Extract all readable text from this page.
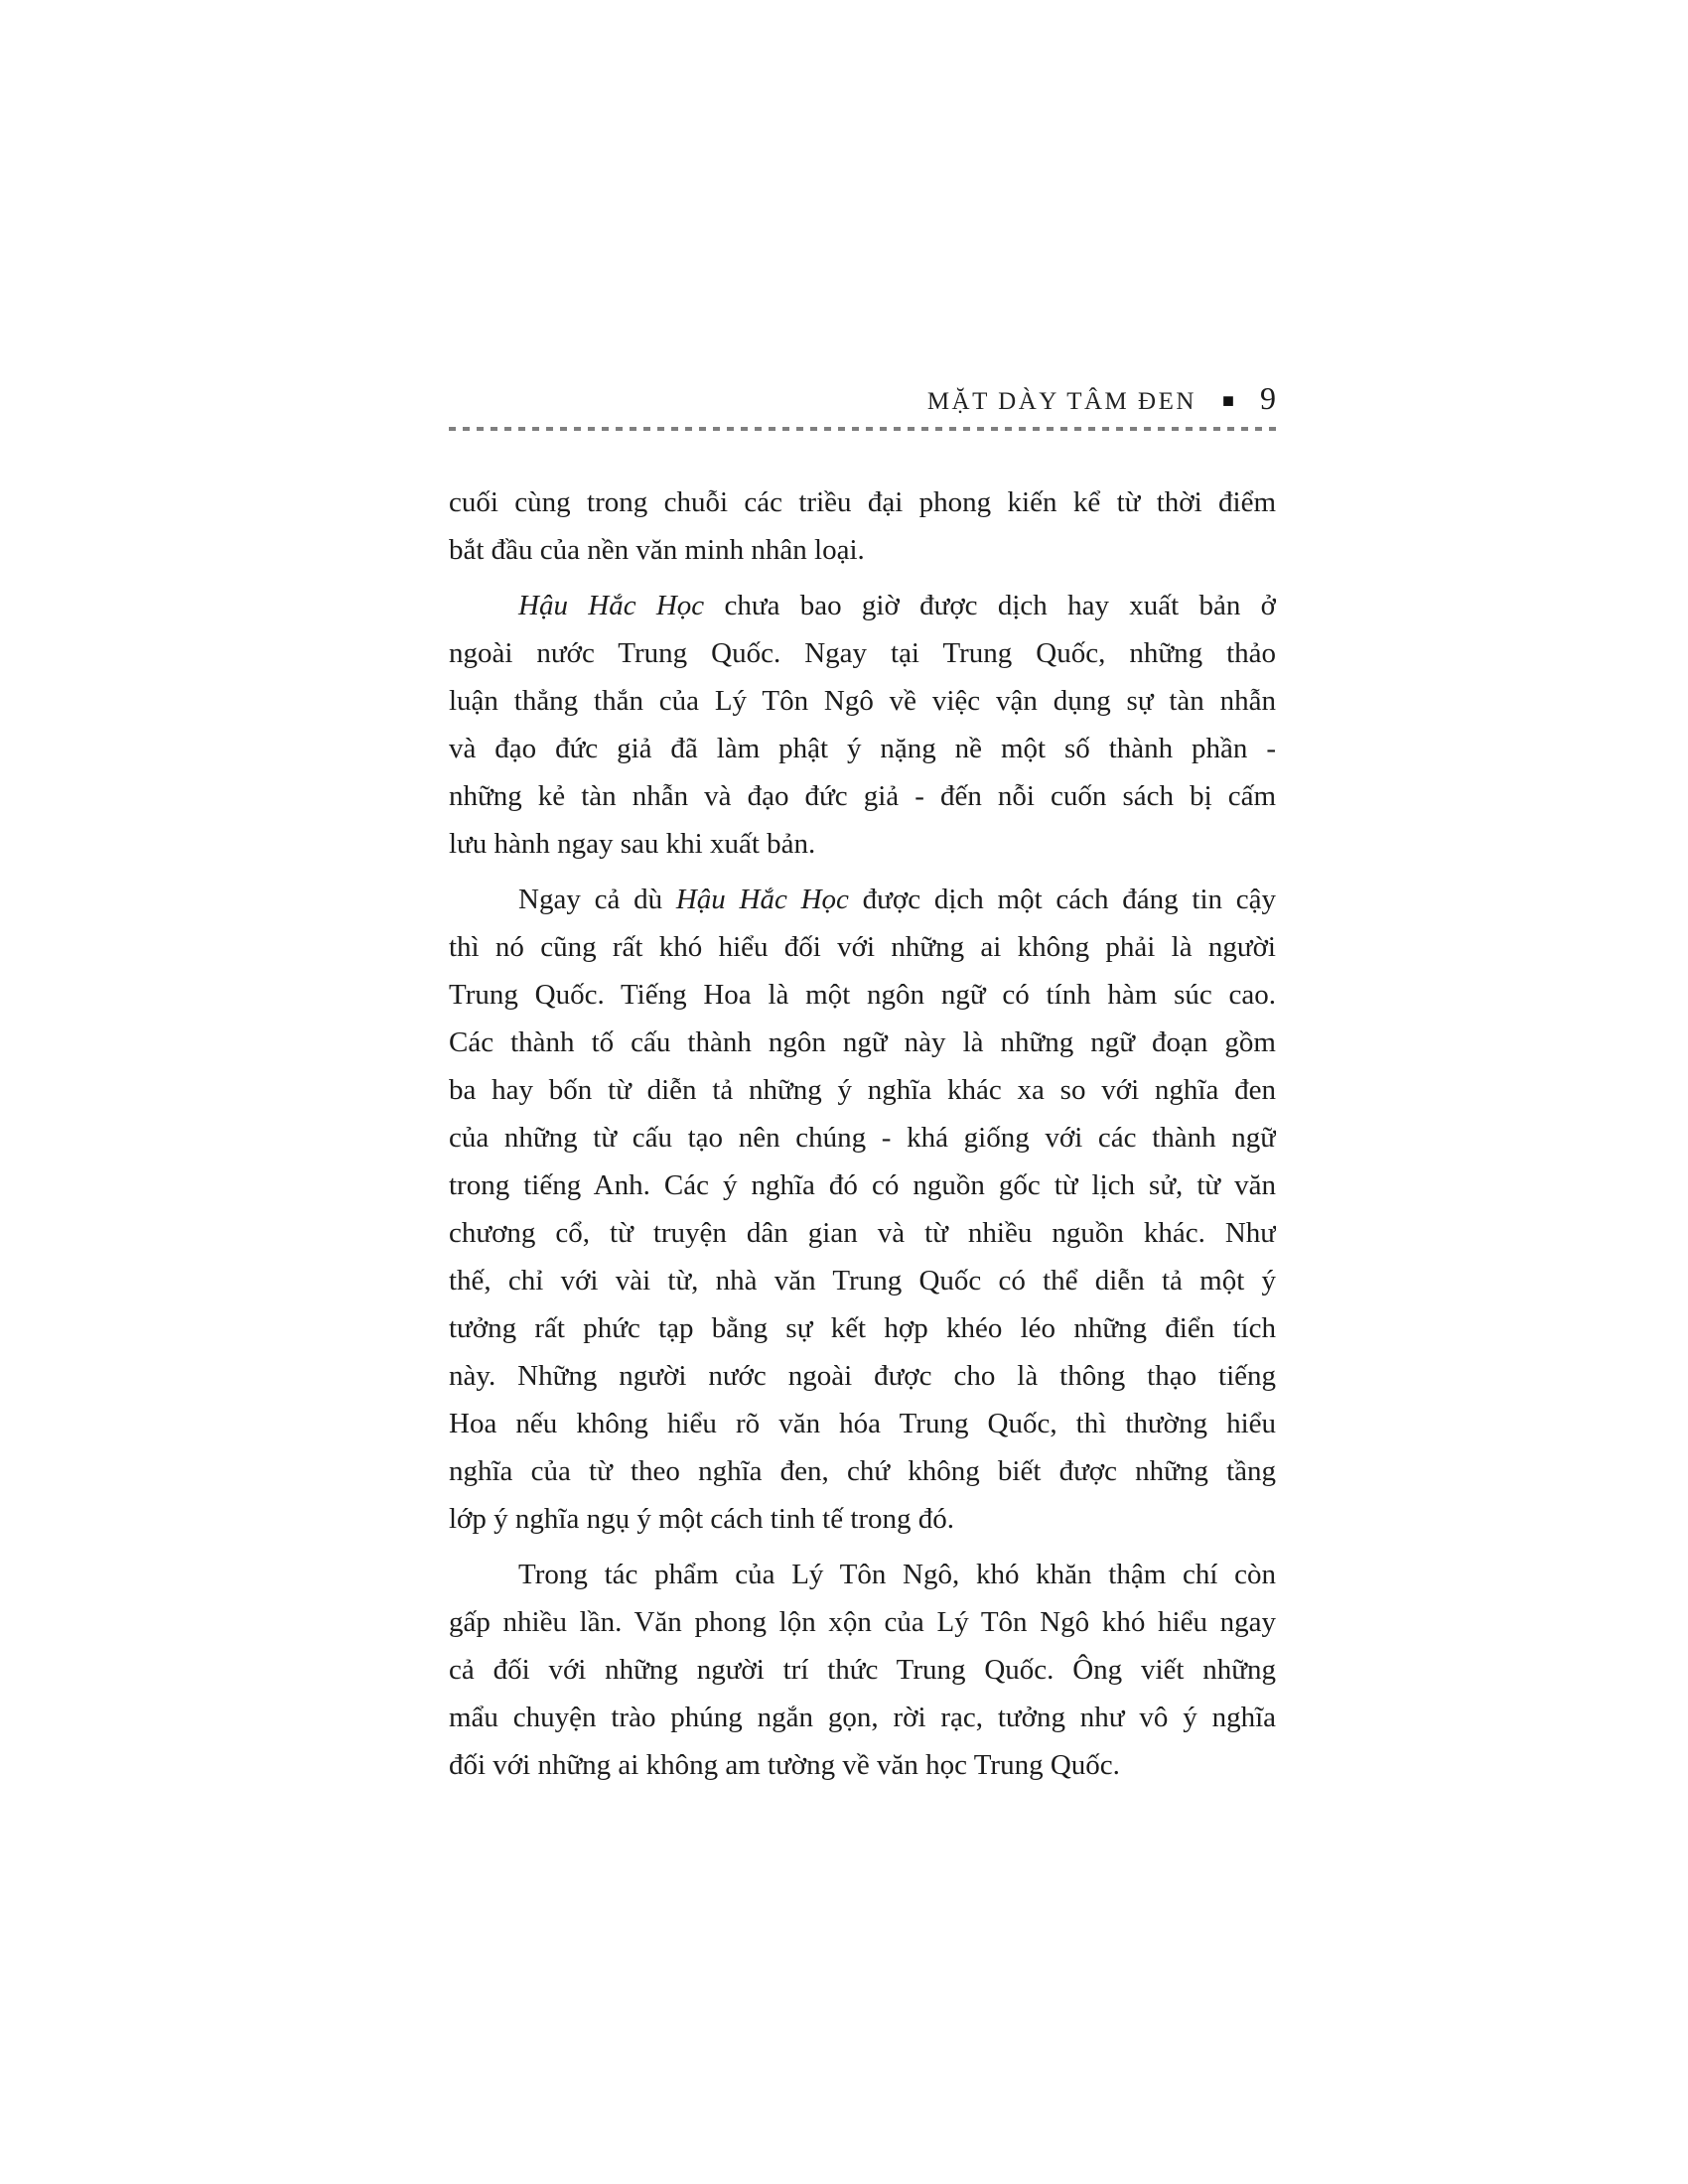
MẶT DÀY TÂM ĐEN ■ 9
cuối cùng trong chuỗi các triều đại phong kiến kể từ thời điểm
bắt đầu của nền văn minh nhân loại.
Hậu Hắc Học chưa bao giờ được dịch hay xuất bản ở
ngoài nước Trung Quốc. Ngay tại Trung Quốc, những thảo
luận thẳng thắn của Lý Tôn Ngô về việc vận dụng sự tàn nhẫn
và đạo đức giả đã làm phật ý nặng nề một số thành phần -
những kẻ tàn nhẫn và đạo đức giả - đến nỗi cuốn sách bị cấm
lưu hành ngay sau khi xuất bản.
Ngay cả dù Hậu Hắc Học được dịch một cách đáng tin cậy
thì nó cũng rất khó hiểu đối với những ai không phải là người
Trung Quốc. Tiếng Hoa là một ngôn ngữ có tính hàm súc cao.
Các thành tố cấu thành ngôn ngữ này là những ngữ đoạn gồm
ba hay bốn từ diễn tả những ý nghĩa khác xa so với nghĩa đen
của những từ cấu tạo nên chúng - khá giống với các thành ngữ
trong tiếng Anh. Các ý nghĩa đó có nguồn gốc từ lịch sử, từ văn
chương cổ, từ truyện dân gian và từ nhiều nguồn khác. Như
thế, chỉ với vài từ, nhà văn Trung Quốc có thể diễn tả một ý
tưởng rất phức tạp bằng sự kết hợp khéo léo những điển tích
này. Những người nước ngoài được cho là thông thạo tiếng
Hoa nếu không hiểu rõ văn hóa Trung Quốc, thì thường hiểu
nghĩa của từ theo nghĩa đen, chứ không biết được những tầng
lớp ý nghĩa ngụ ý một cách tinh tế trong đó.
Trong tác phẩm của Lý Tôn Ngô, khó khăn thậm chí còn
gấp nhiều lần. Văn phong lộn xộn của Lý Tôn Ngô khó hiểu ngay
cả đối với những người trí thức Trung Quốc. Ông viết những
mẩu chuyện trào phúng ngắn gọn, rời rạc, tưởng như vô ý nghĩa
đối với những ai không am tường về văn học Trung Quốc.
